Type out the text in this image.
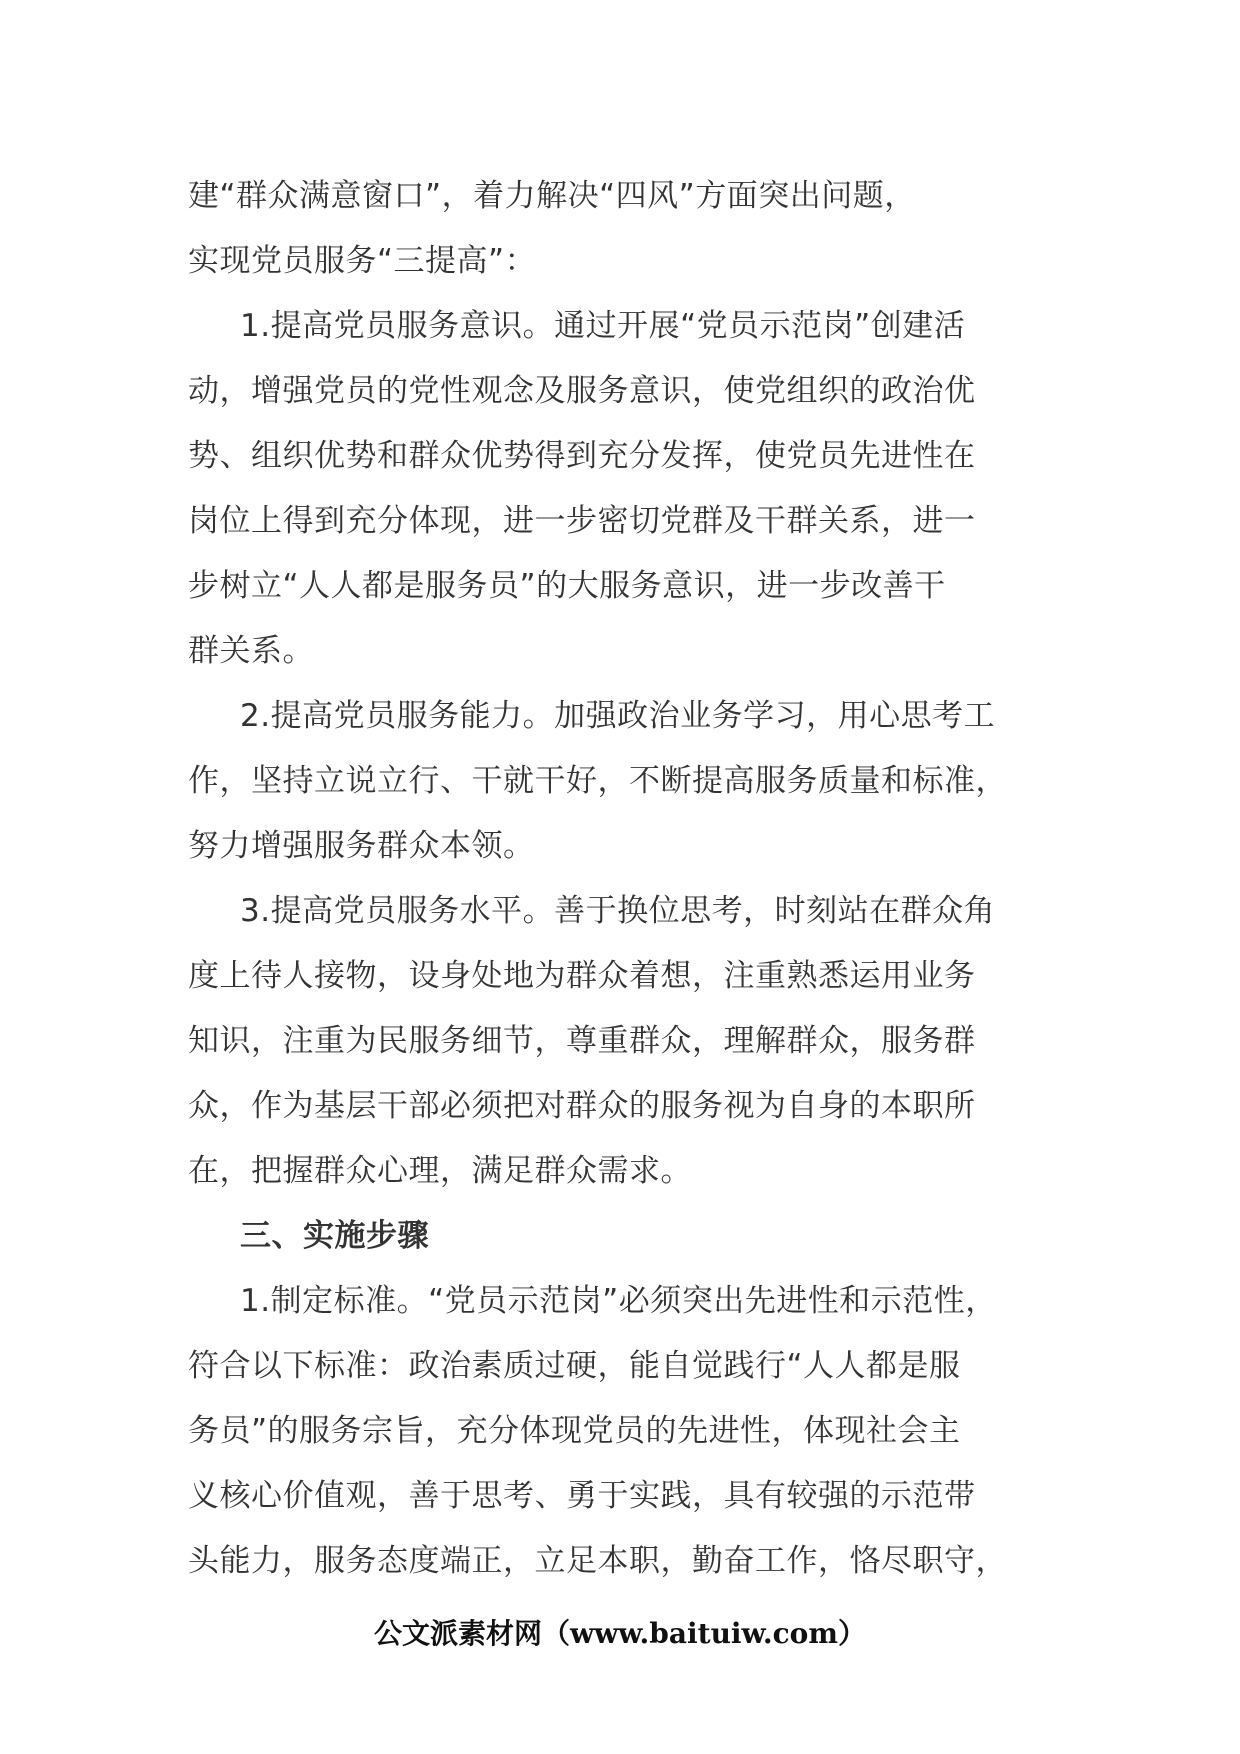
建“群众满意窗口”，着力解决“四风”方面突出问题，
实现党员服务“三提高”：
1.提高党员服务意识。通过开展“党员示范岗”创建活
动，增强党员的党性观念及服务意识，使党组织的政治优
势、组织优势和群众优势得到充分发挥，使党员先进性在
岗位上得到充分体现，进一步密切党群及干群关系，进一
步树立“人人都是服务员”的大服务意识，进一步改善干
群关系。
2.提高党员服务能力。加强政治业务学习，用心思考工
作，坚持立说立行、干就干好，不断提高服务质量和标准，
努力增强服务群众本领。
3.提高党员服务水平。善于换位思考，时刻站在群众角
度上待人接物，设身处地为群众着想，注重熟悉运用业务
知识，注重为民服务细节，尊重群众，理解群众，服务群
众，作为基层干部必须把对群众的服务视为自身的本职所
在，把握群众心理，满足群众需求。
三、实施步骤
1.制定标准。“党员示范岗”必须突出先进性和示范性，
符合以下标准：政治素质过硬，能自觉践行“人人都是服
务员”的服务宗旨，充分体现党员的先进性，体现社会主
义核心价值观，善于思考、勇于实践，具有较强的示范带
头能力，服务态度端正，立足本职，勤奋工作，恪尽职守，
公文派素材网（www.baituiw.com）
